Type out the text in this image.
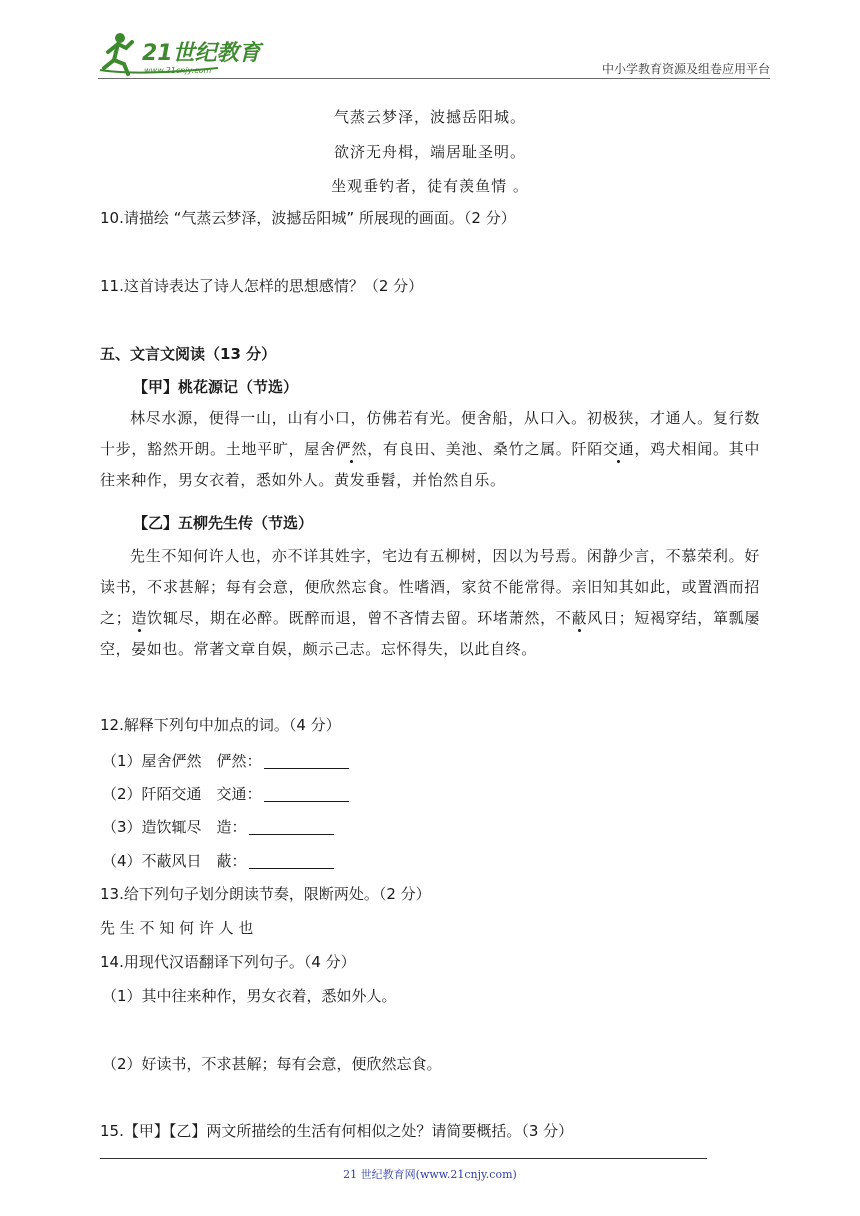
21世纪教育
www.21cnjy.com	中小学教育资源及组卷应用平台
气蒸云梦泽，波撼岳阳城。
欲济无舟楫，端居耻圣明。
坐观垂钓者，徒有羡鱼情 。
10.请描绘 “气蒸云梦泽，波撼岳阳城” 所展现的画面。（2 分）
11.这首诗表达了诗人怎样的思想感情？（2 分）
五、文言文阅读（13 分）
【甲】桃花源记（节选）
林尽水源，便得一山，山有小口，仿佛若有光。便舍船，从口入。初极狭，才通人。复行数十步，豁然开朗。土地平旷，屋舍俨然，有良田、美池、桑竹之属。阡陌交通，鸡犬相闻。其中往来种作，男女衣着，悉如外人。黄发垂髫，并怡然自乐。
【乙】五柳先生传（节选）
先生不知何许人也，亦不详其姓字，宅边有五柳树，因以为号焉。闲静少言，不慕荣利。好读书，不求甚解；每有会意，便欣然忘食。性嗜酒，家贫不能常得。亲旧知其如此，或置酒而招之；造饮辄尽，期在必醉。既醉而退，曾不吝情去留。环堵萧然，不蔽风日；短褐穿结，箪瓢屡空，晏如也。常著文章自娱，颇示己志。忘怀得失，以此自终。
12.解释下列句中加点的词。（4 分）
（1）屋舍俨然　俨然：
（2）阡陌交通　交通：
（3）造饮辄尽　造：
（4）不蔽风日　蔽：
13.给下列句子划分朗读节奏，限断两处。（2 分）
先 生 不 知 何 许 人 也
14.用现代汉语翻译下列句子。（4 分）
（1）其中往来种作，男女衣着，悉如外人。
（2）好读书，不求甚解；每有会意，便欣然忘食。
15.【甲】【乙】两文所描绘的生活有何相似之处？请简要概括。（3 分）
21 世纪教育网(www.21cnjy.com)
